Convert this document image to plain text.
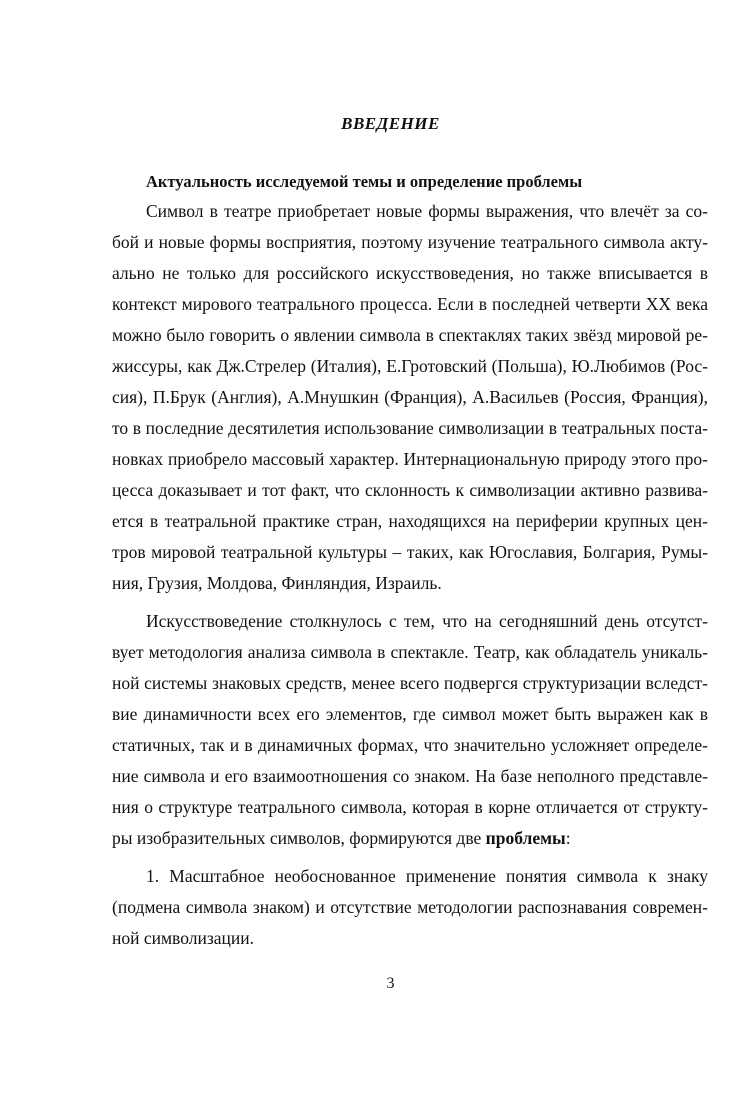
ВВЕДЕНИЕ
Актуальность исследуемой темы и определение проблемы
Символ в театре приобретает новые формы выражения, что влечёт за со-
бой и новые формы восприятия, поэтому изучение театрального символа акту-
ально не только для российского искусствоведения, но также вписывается в
контекст мирового театрального процесса. Если в последней четверти XX века
можно было говорить о явлении символа в спектаклях таких звёзд мировой ре-
жиссуры, как Дж.Стрелер (Италия), Е.Гротовский (Польша), Ю.Любимов (Рос-
сия), П.Брук (Англия), А.Мнушкин (Франция), А.Васильев (Россия, Франция),
то в последние десятилетия использование символизации в театральных поста-
новках приобрело массовый характер. Интернациональную природу этого про-
цесса доказывает и тот факт, что склонность к символизации активно развива-
ется в театральной практике стран, находящихся на периферии крупных цен-
тров мировой театральной культуры – таких, как Югославия, Болгария, Румы-
ния, Грузия, Молдова, Финляндия, Израиль.
Искусствоведение столкнулось с тем, что на сегодняшний день отсутст-
вует методология анализа символа в спектакле. Театр, как обладатель уникаль-
ной системы знаковых средств, менее всего подвергся структуризации вследст-
вие динамичности всех его элементов, где символ может быть выражен как в
статичных, так и в динамичных формах, что значительно усложняет определе-
ние символа и его взаимоотношения со знаком. На базе неполного представле-
ния о структуре театрального символа, которая в корне отличается от структу-
ры изобразительных символов, формируются две проблемы:
1. Масштабное необоснованное применение понятия символа к знаку
(подмена символа знаком) и отсутствие методологии распознавания современ-
ной символизации.
3
